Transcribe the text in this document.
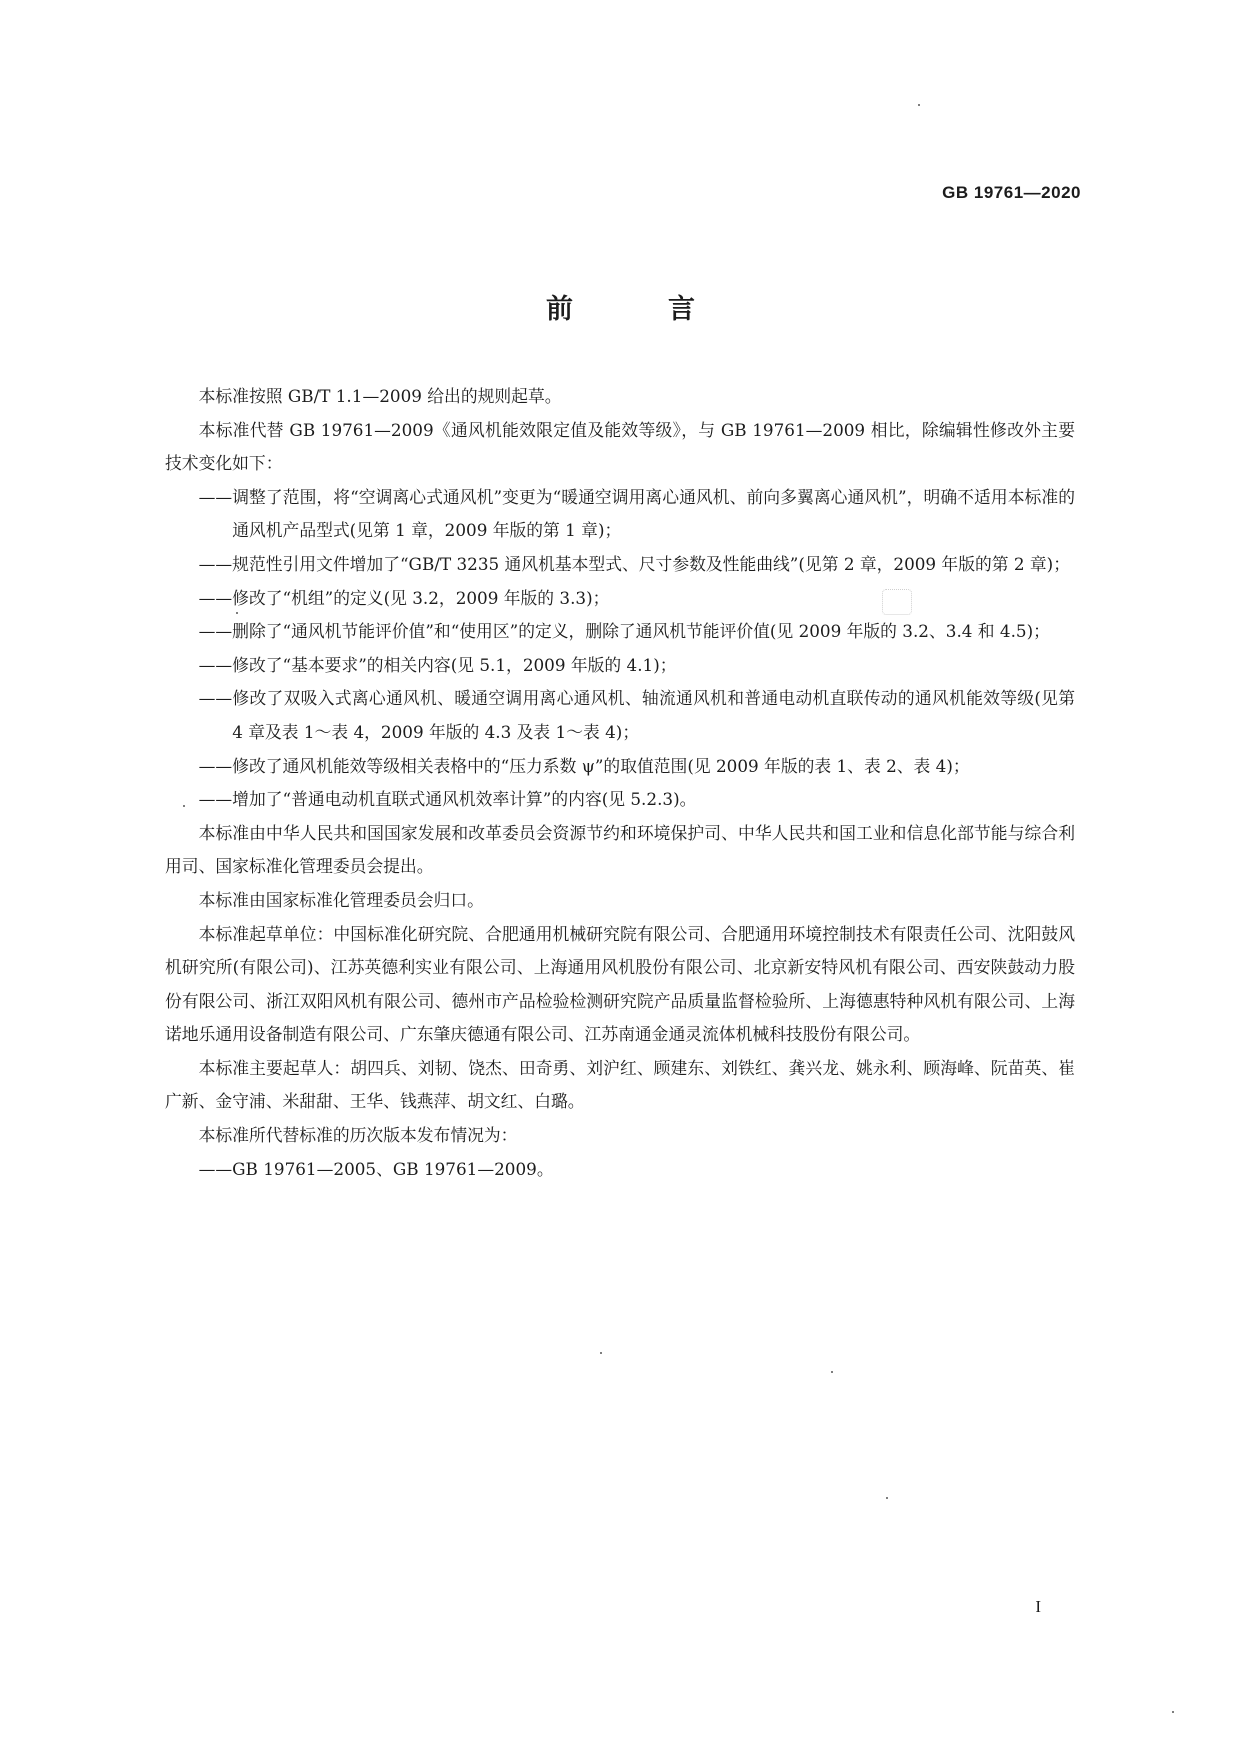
GB 19761—2020
前　言

本标准按照 GB/T 1.1—2009 给出的规则起草。

本标准代替 GB 19761—2009《通风机能效限定值及能效等级》，与 GB 19761—2009 相比，除编辑性修改外主要技术变化如下：

——调整了范围，将“空调离心式通风机”变更为“暖通空调用离心通风机、前向多翼离心通风机”，明确不适用本标准的通风机产品型式(见第 1 章，2009 年版的第 1 章)；

——规范性引用文件增加了“GB/T 3235 通风机基本型式、尺寸参数及性能曲线”(见第 2 章，2009 年版的第 2 章)；

——修改了“机组”的定义(见 3.2，2009 年版的 3.3)；

——删除了“通风机节能评价值”和“使用区”的定义，删除了通风机节能评价值(见 2009 年版的 3.2、3.4 和 4.5)；

——修改了“基本要求”的相关内容(见 5.1，2009 年版的 4.1)；

——修改了双吸入式离心通风机、暖通空调用离心通风机、轴流通风机和普通电动机直联传动的通风机能效等级(见第 4 章及表 1～表 4，2009 年版的 4.3 及表 1～表 4)；

——修改了通风机能效等级相关表格中的“压力系数 ψ”的取值范围(见 2009 年版的表 1、表 2、表 4)；

——增加了“普通电动机直联式通风机效率计算”的内容(见 5.2.3)。

本标准由中华人民共和国国家发展和改革委员会资源节约和环境保护司、中华人民共和国工业和信息化部节能与综合利用司、国家标准化管理委员会提出。

本标准由国家标准化管理委员会归口。

本标准起草单位：中国标准化研究院、合肥通用机械研究院有限公司、合肥通用环境控制技术有限责任公司、沈阳鼓风机研究所(有限公司)、江苏英德利实业有限公司、上海通用风机股份有限公司、北京新安特风机有限公司、西安陕鼓动力股份有限公司、浙江双阳风机有限公司、德州市产品检验检测研究院产品质量监督检验所、上海德惠特种风机有限公司、上海诺地乐通用设备制造有限公司、广东肇庆德通有限公司、江苏南通金通灵流体机械科技股份有限公司。

本标准主要起草人：胡四兵、刘韧、饶杰、田奇勇、刘沪红、顾建东、刘铁红、龚兴龙、姚永利、顾海峰、阮苗英、崔广新、金守浦、米甜甜、王华、钱燕萍、胡文红、白璐。

本标准所代替标准的历次版本发布情况为：

——GB 19761—2005、GB 19761—2009。

I
